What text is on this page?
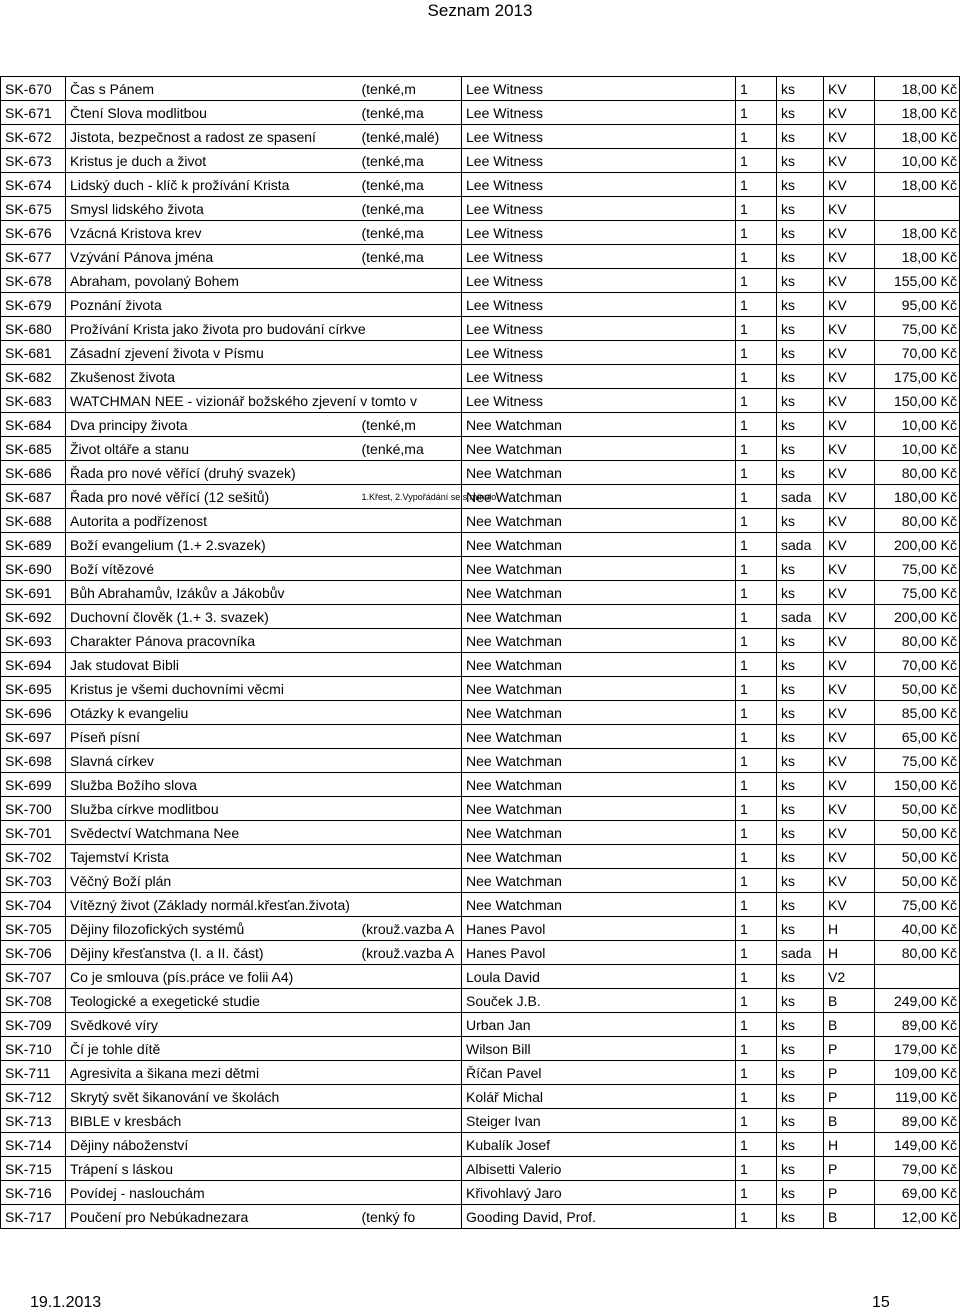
Seznam 2013
SK-670	Čas s Pánem	(tenké,m	Lee Witness	1	ks	KV	18,00 Kč
SK-671	Čtení Slova modlitbou	(tenké,ma	Lee Witness	1	ks	KV	18,00 Kč
SK-672	Jistota, bezpečnost a radost ze spasení	(tenké,malé)	Lee Witness	1	ks	KV	18,00 Kč
SK-673	Kristus je duch a život	(tenké,ma	Lee Witness	1	ks	KV	10,00 Kč
SK-674	Lidský duch - klíč k prožívání Krista	(tenké,ma	Lee Witness	1	ks	KV	18,00 Kč
SK-675	Smysl lidského života	(tenké,ma	Lee Witness	1	ks	KV	
SK-676	Vzácná Kristova krev	(tenké,ma	Lee Witness	1	ks	KV	18,00 Kč
SK-677	Vzývání Pánova jména	(tenké,ma	Lee Witness	1	ks	KV	18,00 Kč
SK-678	Abraham, povolaný Bohem		Lee Witness	1	ks	KV	155,00 Kč
SK-679	Poznání života		Lee Witness	1	ks	KV	95,00 Kč
SK-680	Prožívání Krista jako života pro budování církve		Lee Witness	1	ks	KV	75,00 Kč
SK-681	Zásadní zjevení života v Písmu		Lee Witness	1	ks	KV	70,00 Kč
SK-682	Zkušenost života		Lee Witness	1	ks	KV	175,00 Kč
SK-683	WATCHMAN NEE - vizionář božského zjevení v tomto v		Lee Witness	1	ks	KV	150,00 Kč
SK-684	Dva principy života	(tenké,m	Nee Watchman	1	ks	KV	10,00 Kč
SK-685	Život oltáře a stanu	(tenké,ma	Nee Watchman	1	ks	KV	10,00 Kč
SK-686	Řada pro nové věřící (druhý svazek)		Nee Watchman	1	ks	KV	80,00 Kč
SK-687	Řada pro nové věřící (12 sešitů)	1.Křest, 2.Vypořádání se s minulo	Nee Watchman	1	sada	KV	180,00 Kč
SK-688	Autorita a podřízenost		Nee Watchman	1	ks	KV	80,00 Kč
SK-689	Boží evangelium (1.+ 2.svazek)		Nee Watchman	1	sada	KV	200,00 Kč
SK-690	Boží vítězové		Nee Watchman	1	ks	KV	75,00 Kč
SK-691	Bůh Abrahamův, Izákův a Jákobův		Nee Watchman	1	ks	KV	75,00 Kč
SK-692	Duchovní člověk (1.+ 3. svazek)		Nee Watchman	1	sada	KV	200,00 Kč
SK-693	Charakter Pánova pracovníka		Nee Watchman	1	ks	KV	80,00 Kč
SK-694	Jak studovat Bibli		Nee Watchman	1	ks	KV	70,00 Kč
SK-695	Kristus je všemi duchovními věcmi		Nee Watchman	1	ks	KV	50,00 Kč
SK-696	Otázky k evangeliu		Nee Watchman	1	ks	KV	85,00 Kč
SK-697	Píseň písní		Nee Watchman	1	ks	KV	65,00 Kč
SK-698	Slavná církev		Nee Watchman	1	ks	KV	75,00 Kč
SK-699	Služba Božího slova		Nee Watchman	1	ks	KV	150,00 Kč
SK-700	Služba církve modlitbou		Nee Watchman	1	ks	KV	50,00 Kč
SK-701	Svědectví Watchmana Nee		Nee Watchman	1	ks	KV	50,00 Kč
SK-702	Tajemství Krista		Nee Watchman	1	ks	KV	50,00 Kč
SK-703	Věčný Boží plán		Nee Watchman	1	ks	KV	50,00 Kč
SK-704	Vítězný život (Základy normál.křesťan.života)		Nee Watchman	1	ks	KV	75,00 Kč
SK-705	Dějiny filozofických systémů	(krouž.vazba A	Hanes Pavol	1	ks	H	40,00 Kč
SK-706	Dějiny křesťanstva (I. a II. část)	(krouž.vazba A	Hanes Pavol	1	sada	H	80,00 Kč
SK-707	Co je smlouva (pís.práce ve folii A4)		Loula David	1	ks	V2	
SK-708	Teologické a exegetické studie		Souček J.B.	1	ks	B	249,00 Kč
SK-709	Svědkové víry		Urban Jan	1	ks	B	89,00 Kč
SK-710	Čí je tohle dítě		Wilson Bill	1	ks	P	179,00 Kč
SK-711	Agresivita a šikana mezi dětmi		Říčan Pavel	1	ks	P	109,00 Kč
SK-712	Skrytý svět šikanování ve školách		Kolář Michal	1	ks	P	119,00 Kč
SK-713	BIBLE v kresbách		Steiger Ivan	1	ks	B	89,00 Kč
SK-714	Dějiny náboženství		Kubalík Josef	1	ks	H	149,00 Kč
SK-715	Trápení s láskou		Albisetti Valerio	1	ks	P	79,00 Kč
SK-716	Povídej - naslouchám		Křivohlavý Jaro	1	ks	P	69,00 Kč
SK-717	Poučení pro Nebúkadnezara	(tenký fo	Gooding David, Prof.	1	ks	B	12,00 Kč
19.1.2013	15
